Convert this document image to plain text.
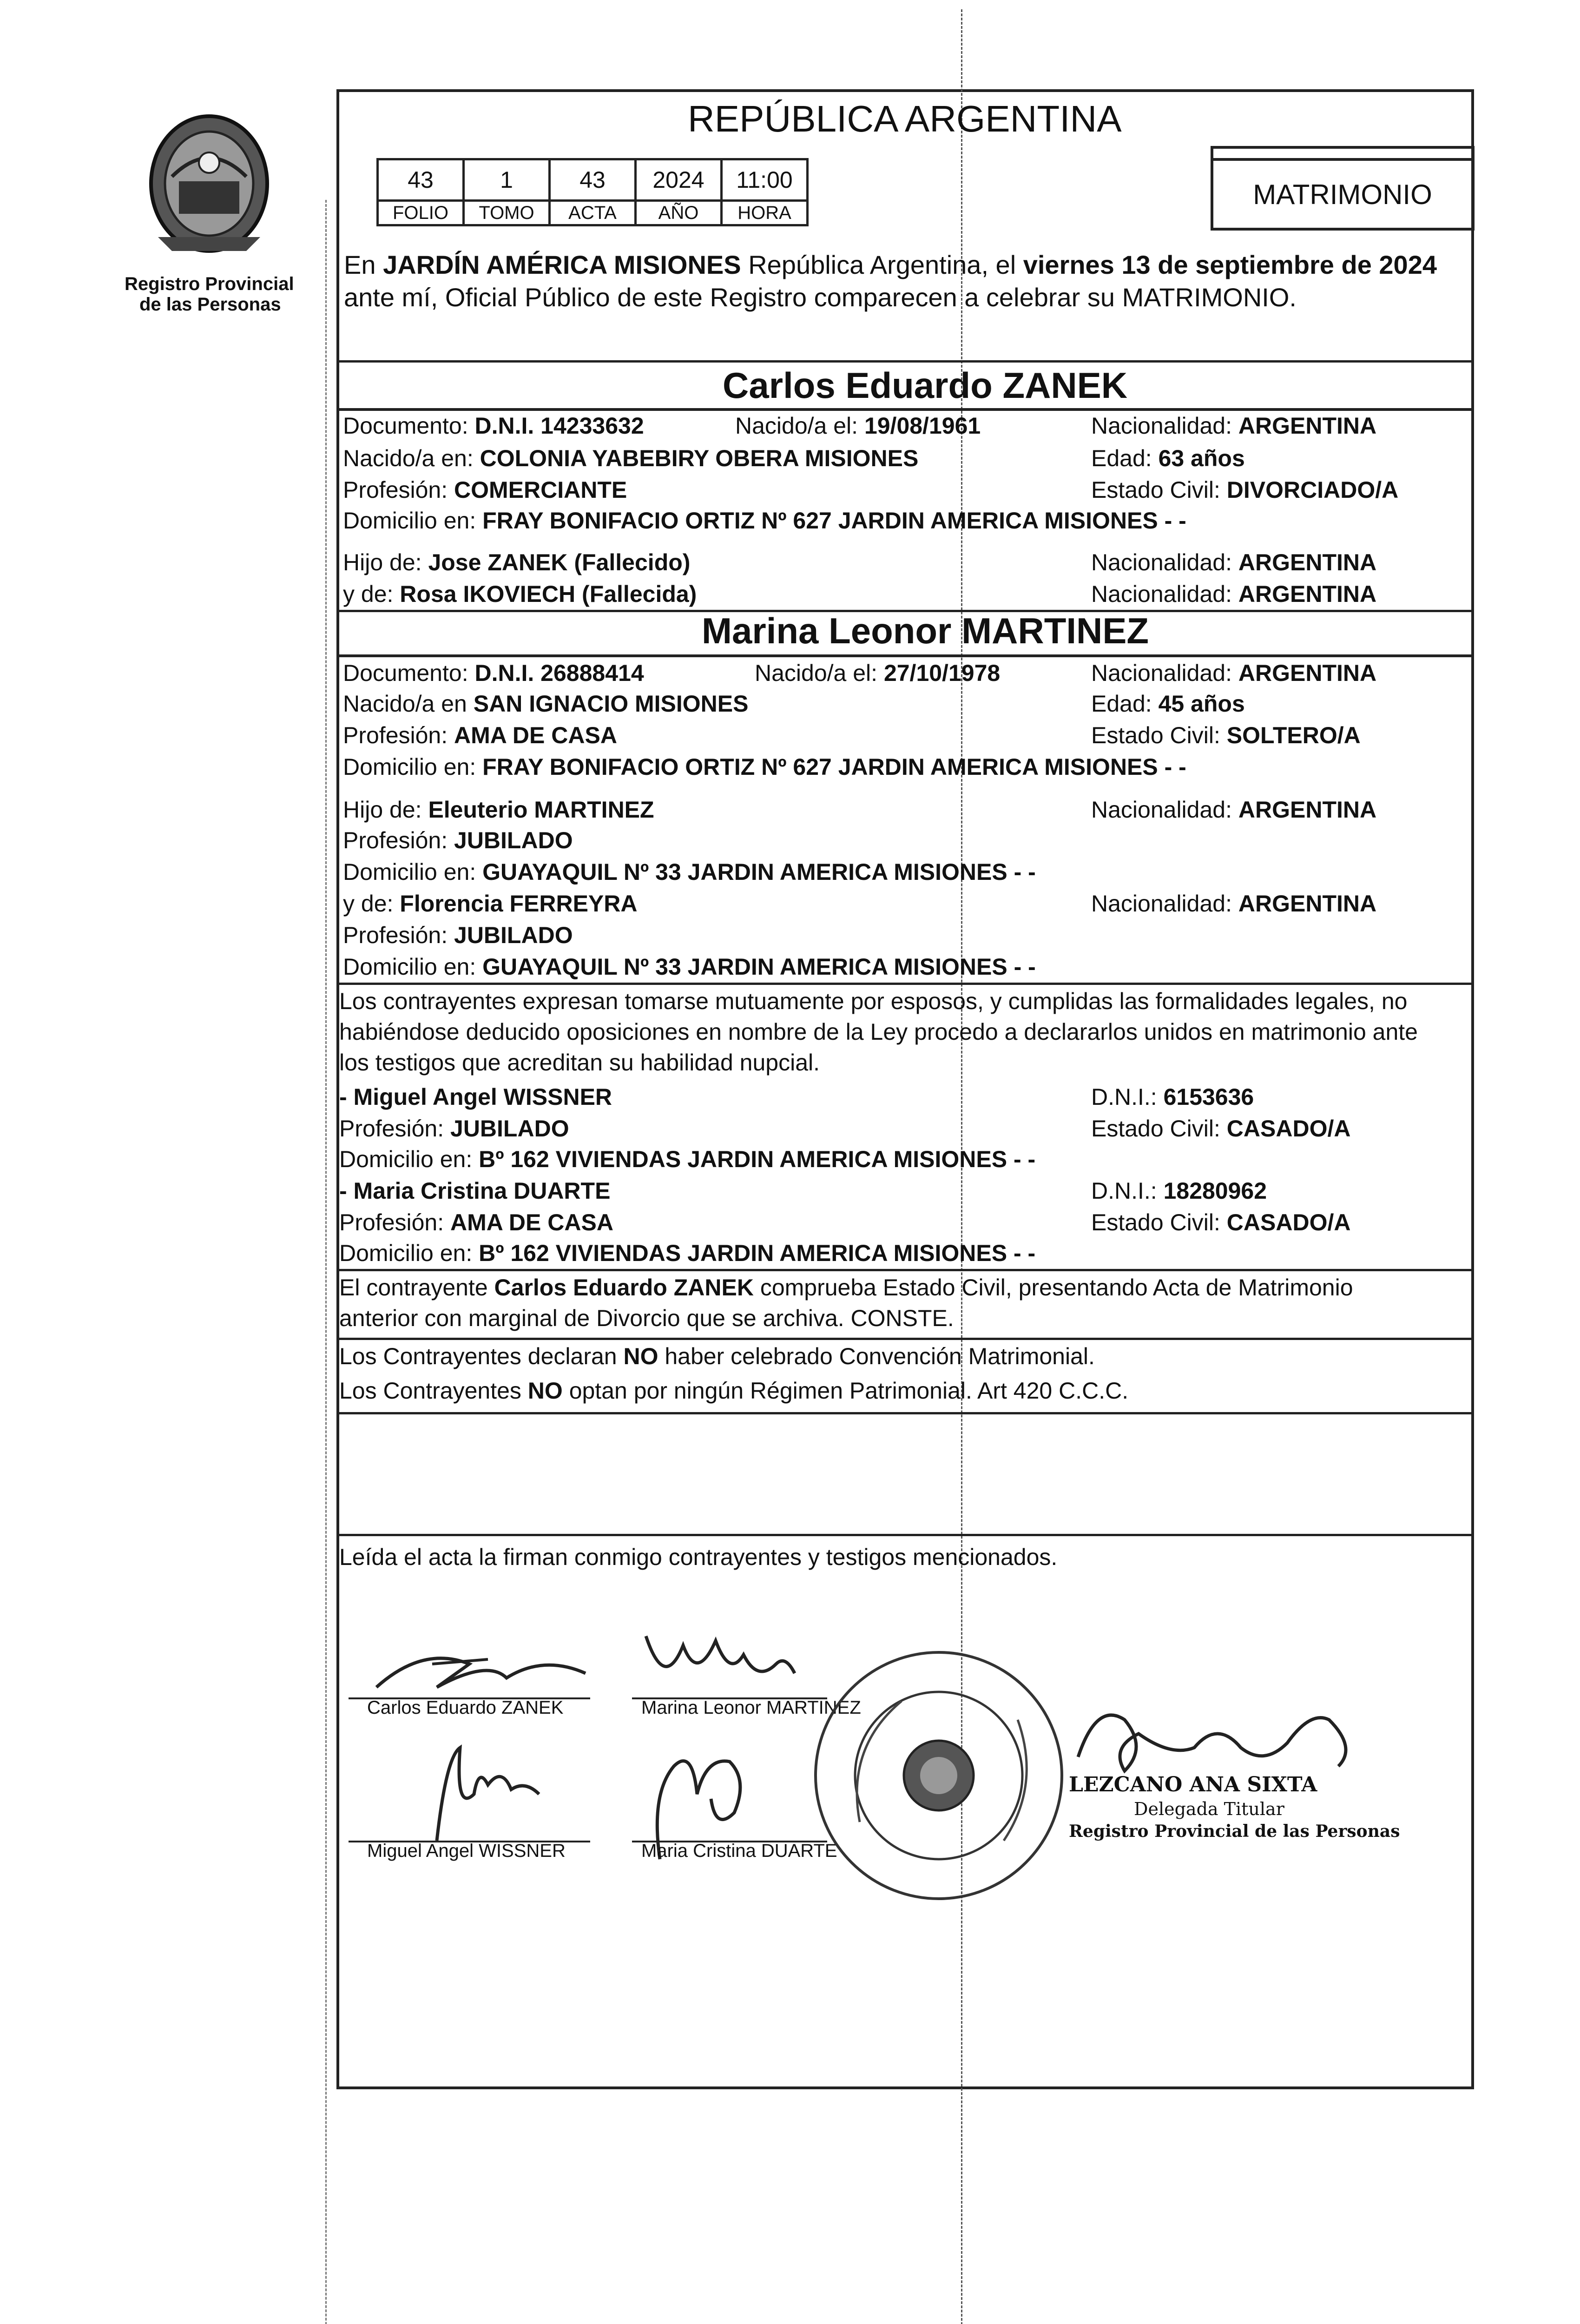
Registro Provincial
de las Personas
REPÚBLICA ARGENTINA
43	1	43	2024	11:00
FOLIO	TOMO	ACTA	AÑO	HORA
MATRIMONIO
En JARDÍN AMÉRICA MISIONES República Argentina, el viernes 13 de septiembre de 2024
ante mí, Oficial Público de este Registro comparecen a celebrar su MATRIMONIO.
Carlos Eduardo ZANEK
Documento: D.N.I. 14233632	Nacido/a el: 19/08/1961	Nacionalidad: ARGENTINA
Nacido/a en: COLONIA YABEBIRY OBERA MISIONES	Edad: 63 años
Profesión: COMERCIANTE	Estado Civil: DIVORCIADO/A
Domicilio en: FRAY BONIFACIO ORTIZ Nº 627 JARDIN AMERICA MISIONES - -
Hijo de: Jose ZANEK (Fallecido)	Nacionalidad: ARGENTINA
y de: Rosa IKOVIECH (Fallecida)	Nacionalidad: ARGENTINA
Marina Leonor MARTINEZ
Documento: D.N.I. 26888414	Nacido/a el: 27/10/1978	Nacionalidad: ARGENTINA
Nacido/a en SAN IGNACIO MISIONES	Edad: 45 años
Profesión: AMA DE CASA	Estado Civil: SOLTERO/A
Domicilio en: FRAY BONIFACIO ORTIZ Nº 627 JARDIN AMERICA MISIONES - -
Hijo de: Eleuterio MARTINEZ	Nacionalidad: ARGENTINA
Profesión: JUBILADO
Domicilio en: GUAYAQUIL Nº 33 JARDIN AMERICA MISIONES - -
y de: Florencia FERREYRA	Nacionalidad: ARGENTINA
Profesión: JUBILADO
Domicilio en: GUAYAQUIL Nº 33 JARDIN AMERICA MISIONES - -
Los contrayentes expresan tomarse mutuamente por esposos, y cumplidas las formalidades legales, no
habiéndose deducido oposiciones en nombre de la Ley procedo a declararlos unidos en matrimonio ante
los testigos que acreditan su habilidad nupcial.
- Miguel Angel WISSNER	D.N.I.: 6153636
Profesión: JUBILADO	Estado Civil: CASADO/A
Domicilio en: Bº 162 VIVIENDAS JARDIN AMERICA MISIONES - -
- Maria Cristina DUARTE	D.N.I.: 18280962
Profesión: AMA DE CASA	Estado Civil: CASADO/A
Domicilio en: Bº 162 VIVIENDAS JARDIN AMERICA MISIONES - -
El contrayente Carlos Eduardo ZANEK comprueba Estado Civil, presentando Acta de Matrimonio
anterior con marginal de Divorcio que se archiva. CONSTE.
Los Contrayentes declaran NO haber celebrado Convención Matrimonial.
Los Contrayentes NO optan por ningún Régimen Patrimonial. Art 420 C.C.C.
Leída el acta la firman conmigo contrayentes y testigos mencionados.
Carlos Eduardo ZANEK	Marina Leonor MARTINEZ
Miguel Angel WISSNER	Maria Cristina DUARTE
LEZCANO ANA SIXTA
Delegada Titular
Registro Provincial de las Personas
